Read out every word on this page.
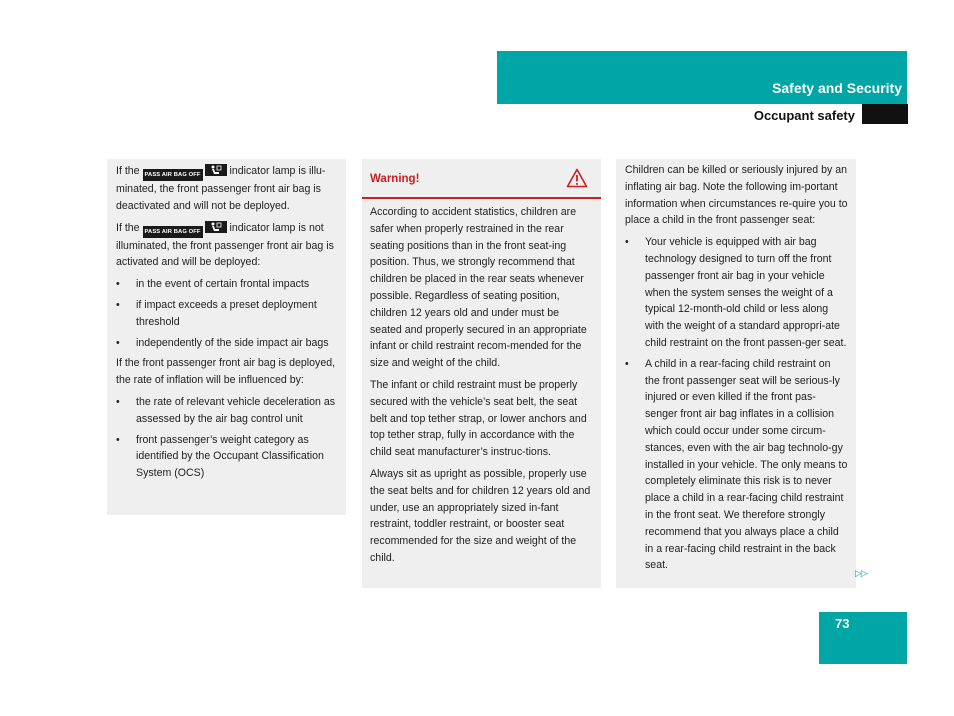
Safety and Security
Occupant safety

If the PASS AIR BAG OFF	indicator lamp is illu-minated, the front passenger front air bag is deactivated and will not be deployed.

If the PASS AIR BAG OFF	indicator lamp is not illuminated, the front passenger front air bag is activated and will be deployed:

• in the event of certain frontal impacts
• if impact exceeds a preset deployment threshold
• independently of the side impact air bags

If the front passenger front air bag is deployed, the rate of inflation will be influenced by:

• the rate of relevant vehicle deceleration as assessed by the air bag control unit
• front passenger’s weight category as identified by the Occupant Classification System (OCS)
Warning!

According to accident statistics, children are safer when properly restrained in the rear seating positions than in the front seat-ing position. Thus, we strongly recommend that children be placed in the rear seats whenever possible. Regardless of seating position, children 12 years old and under must be seated and properly secured in an appropriate infant or child restraint recom-mended for the size and weight of the child.

The infant or child restraint must be properly secured with the vehicle’s seat belt, the seat belt and top tether strap, or lower anchors and top tether strap, fully in accordance with the child seat manufacturer’s instruc-tions.

Always sit as upright as possible, properly use the seat belts and for children 12 years old and under, use an appropriately sized in-fant restraint, toddler restraint, or booster seat recommended for the size and weight of the child.

Children can be killed or seriously injured by an inflating air bag. Note the following im-portant information when circumstances re-quire you to place a child in the front passenger seat:

• Your vehicle is equipped with air bag technology designed to turn off the front passenger front air bag in your vehicle when the system senses the weight of a typical 12-month-old child or less along with the weight of a standard appropri-ate child restraint on the front passen-ger seat.
• A child in a rear-facing child restraint on the front passenger seat will be serious-ly injured or even killed if the front pas-senger front air bag inflates in a collision which could occur under some circum-stances, even with the air bag technolo-gy installed in your vehicle. The only means to completely eliminate this risk is to never place a child in a rear-facing child restraint in the front seat. We therefore strongly recommend that you always place a child in a rear-facing child restraint in the back seat.
▷▷
73
